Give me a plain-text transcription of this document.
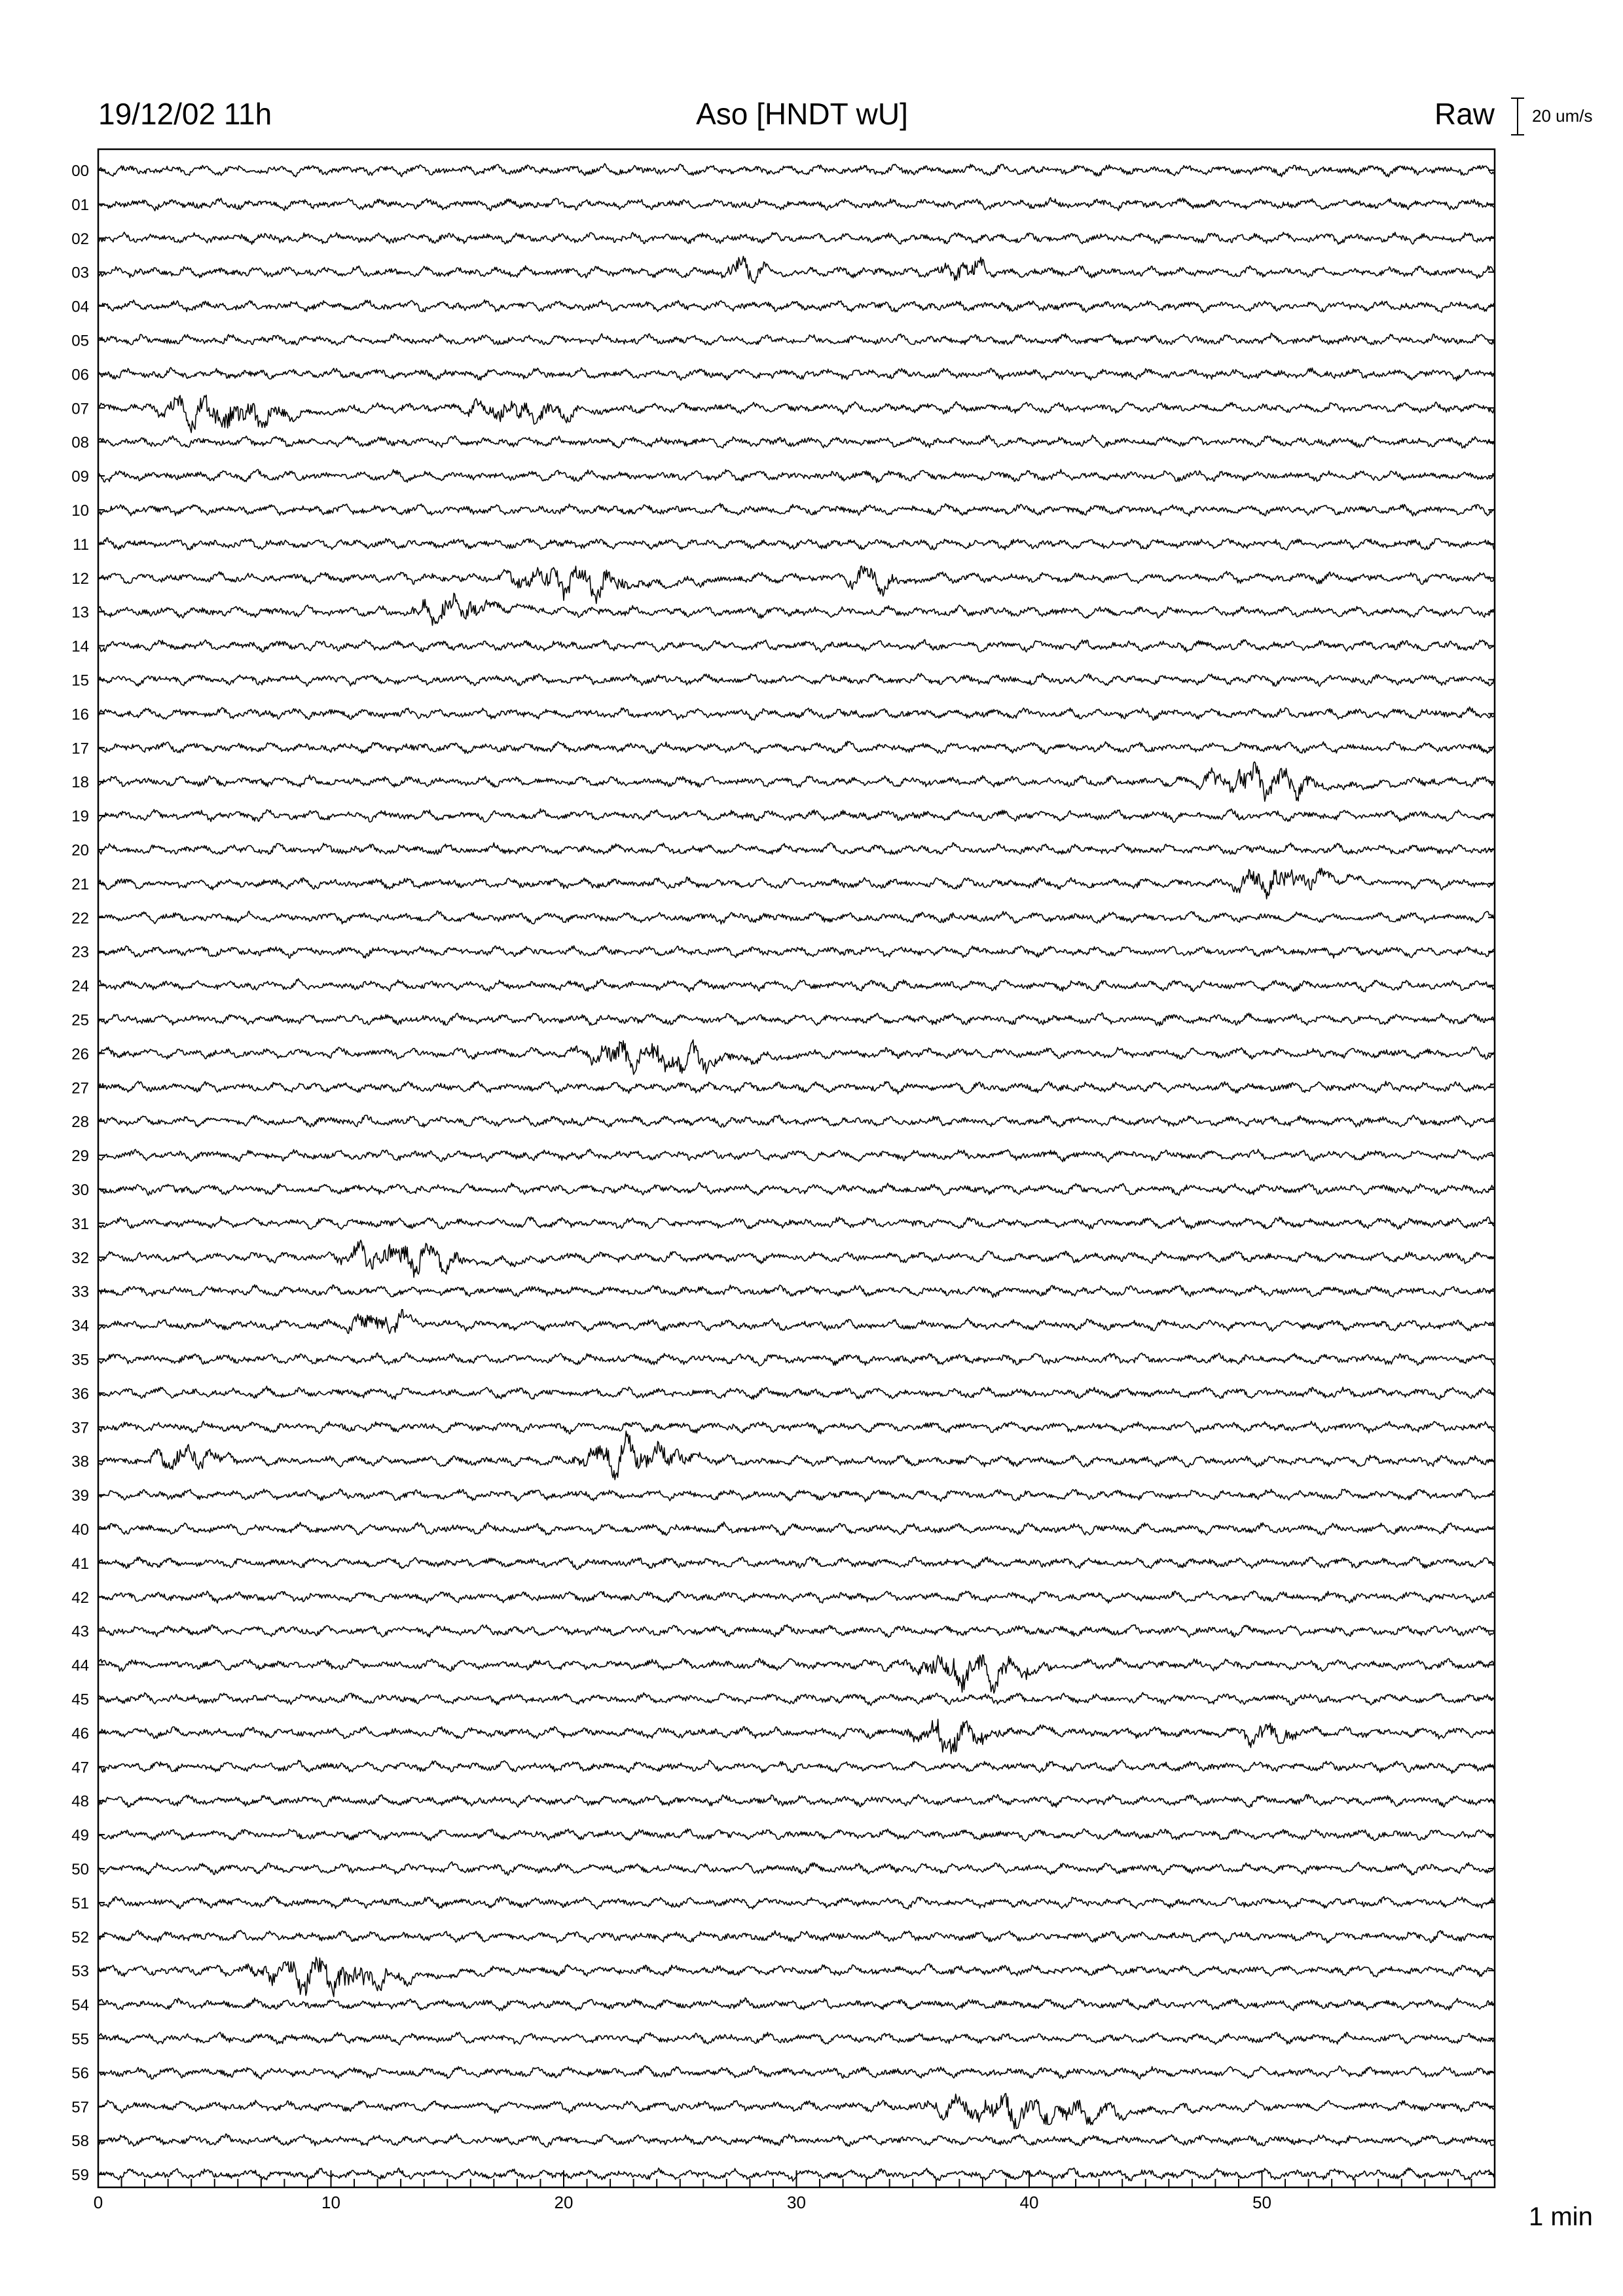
19/12/02 11h	Aso [HNDT wU]	Raw 20 um/s
00
01
02
03
04
05
06
07
08
09
10
11
12
13
14
15
16
17
18
19
20
21
22
23
24
25
26
27
28
29
30
31
32
33
34
35
36
37
38
39
40
41
42
43
44
45
46
47
48
49
50
51
52
53
54
55
56
57
58
59
0	10	20	30	40	50	1 min
